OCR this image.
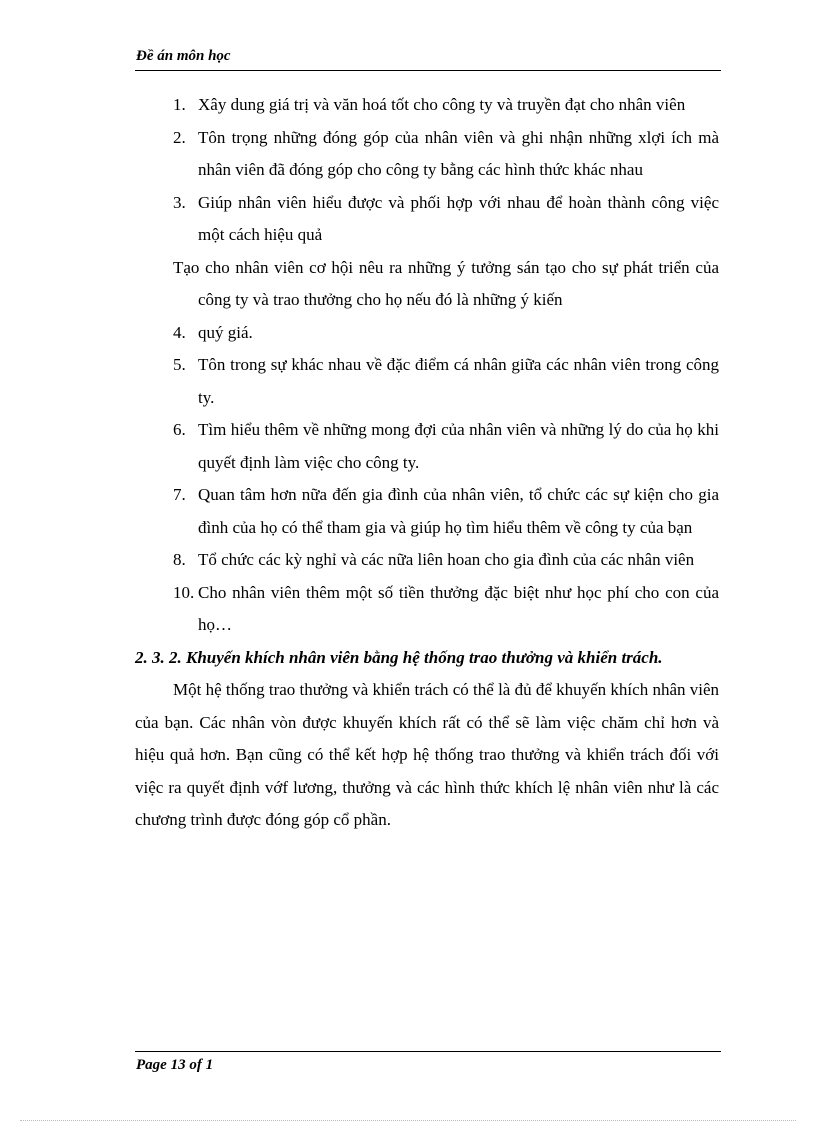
Đề án môn học
1. Xây dung giá trị và văn hoá tốt cho công ty và truyền đạt cho nhân viên
2. Tôn trọng những đóng góp của nhân viên và ghi nhận những xlợi ích mà nhân viên đã đóng góp cho công ty bằng các hình thức khác nhau
3. Giúp nhân viên hiểu được và phối hợp với nhau để hoàn thành công việc một cách hiệu quả
Tạo cho nhân viên cơ hội nêu ra những ý tưởng sán tạo cho sự phát triển của công ty và trao thưởng cho họ nếu đó là những ý kiến
4. quý giá.
5. Tôn trong sự khác nhau về đặc điểm cá nhân giữa các nhân viên trong công ty.
6. Tìm hiểu thêm về những mong đợi của nhân viên và những lý do của họ khi quyết định làm việc cho công ty.
7. Quan tâm hơn nữa đến gia đình của nhân viên, tổ chức các sự kiện cho gia đình của họ có thể tham gia và giúp họ tìm hiểu thêm về công ty của bạn
8. Tổ chức các kỳ nghỉ và các nữa liên hoan cho gia đình của các nhân viên
10. Cho nhân viên thêm một số tiền thưởng đặc biệt như học phí cho con của họ…
2. 3. 2. Khuyến khích nhân viên bằng hệ thống trao thưởng và khiển trách.
Một hệ thống trao thưởng và khiển trách có thể là đủ để khuyến khích nhân viên của bạn. Các nhân vòn được khuyến khích rất có thể sẽ làm việc chăm chỉ hơn và hiệu quả hơn. Bạn cũng có thể kết hợp hệ thống trao thưởng và khiển trách đối với việc ra quyết định vớf lương, thưởng và các hình thức khích lệ nhân viên như là các chương trình được đóng góp cổ phần.
Page 13 of 1
